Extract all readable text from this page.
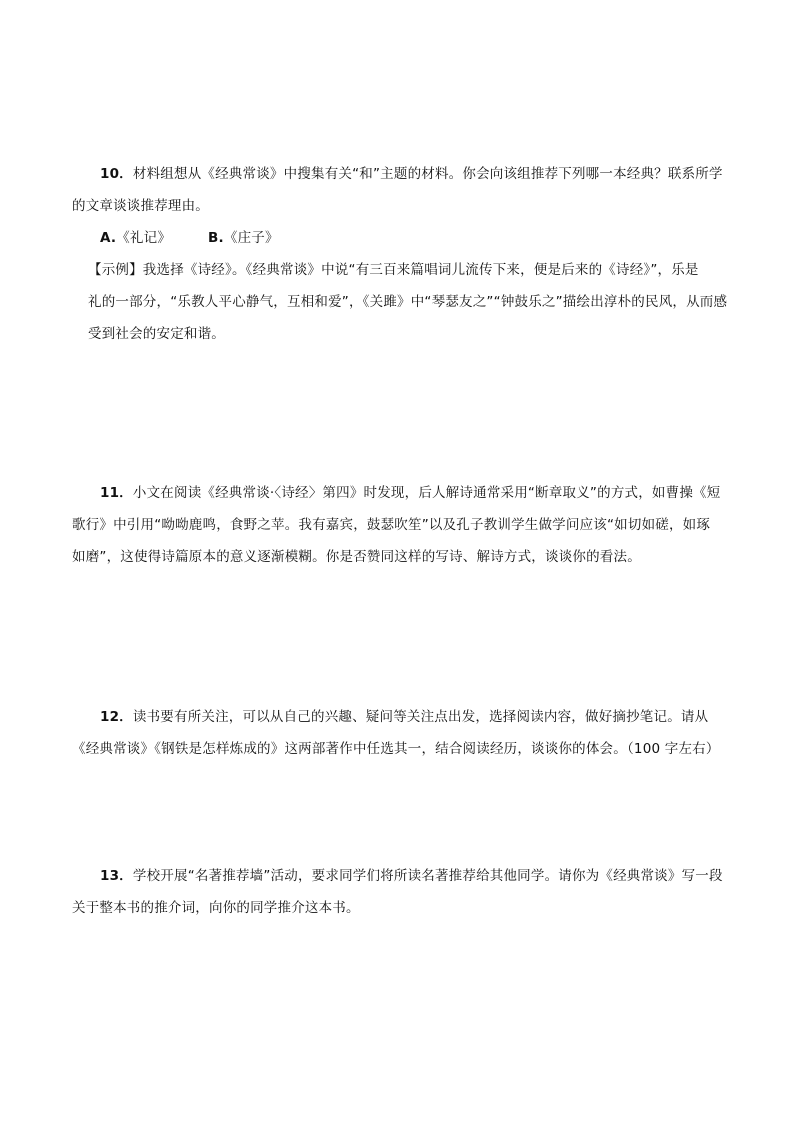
10．材料组想从《经典常谈》中搜集有关“和”主题的材料。你会向该组推荐下列哪一本经典？联系所学
的文章谈谈推荐理由。
A.《礼记》	B.《庄子》
【示例】我选择《诗经》。《经典常谈》中说“有三百来篇唱词儿流传下来，便是后来的《诗经》”，乐是
礼的一部分，“乐教人平心静气，互相和爱”，《关雎》中“琴瑟友之”“钟鼓乐之”描绘出淳朴的民风，从而感
受到社会的安定和谐。
11．小文在阅读《经典常谈·〈诗经〉第四》时发现，后人解诗通常采用“断章取义”的方式，如曹操《短
歌行》中引用“呦呦鹿鸣，食野之苹。我有嘉宾，鼓瑟吹笙”以及孔子教训学生做学问应该“如切如磋，如琢
如磨”，这使得诗篇原本的意义逐渐模糊。你是否赞同这样的写诗、解诗方式，谈谈你的看法。
12．读书要有所关注，可以从自己的兴趣、疑问等关注点出发，选择阅读内容，做好摘抄笔记。请从
《经典常谈》《钢铁是怎样炼成的》这两部著作中任选其一，结合阅读经历，谈谈你的体会。（100 字左右）
13．学校开展“名著推荐墙”活动，要求同学们将所读名著推荐给其他同学。请你为《经典常谈》写一段
关于整本书的推介词，向你的同学推介这本书。
